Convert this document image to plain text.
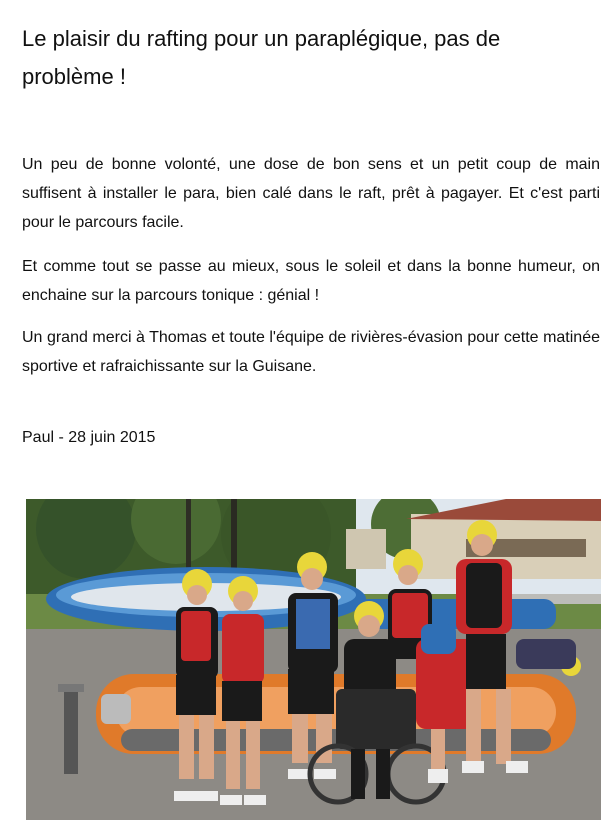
Le plaisir du rafting pour un paraplégique, pas de problème !

Un peu de bonne volonté, une dose de bon sens et un petit coup de main suffisent à installer le para, bien calé dans le raft, prêt à pagayer. Et c'est parti pour le parcours facile.

Et comme tout se passe au mieux, sous le soleil et dans la bonne humeur, on enchaine sur la parcours tonique : génial !

Un grand merci à Thomas et toute l'équipe de rivières-évasion pour cette matinée sportive et rafraichissante sur la Guisane.

Paul - 28 juin 2015
